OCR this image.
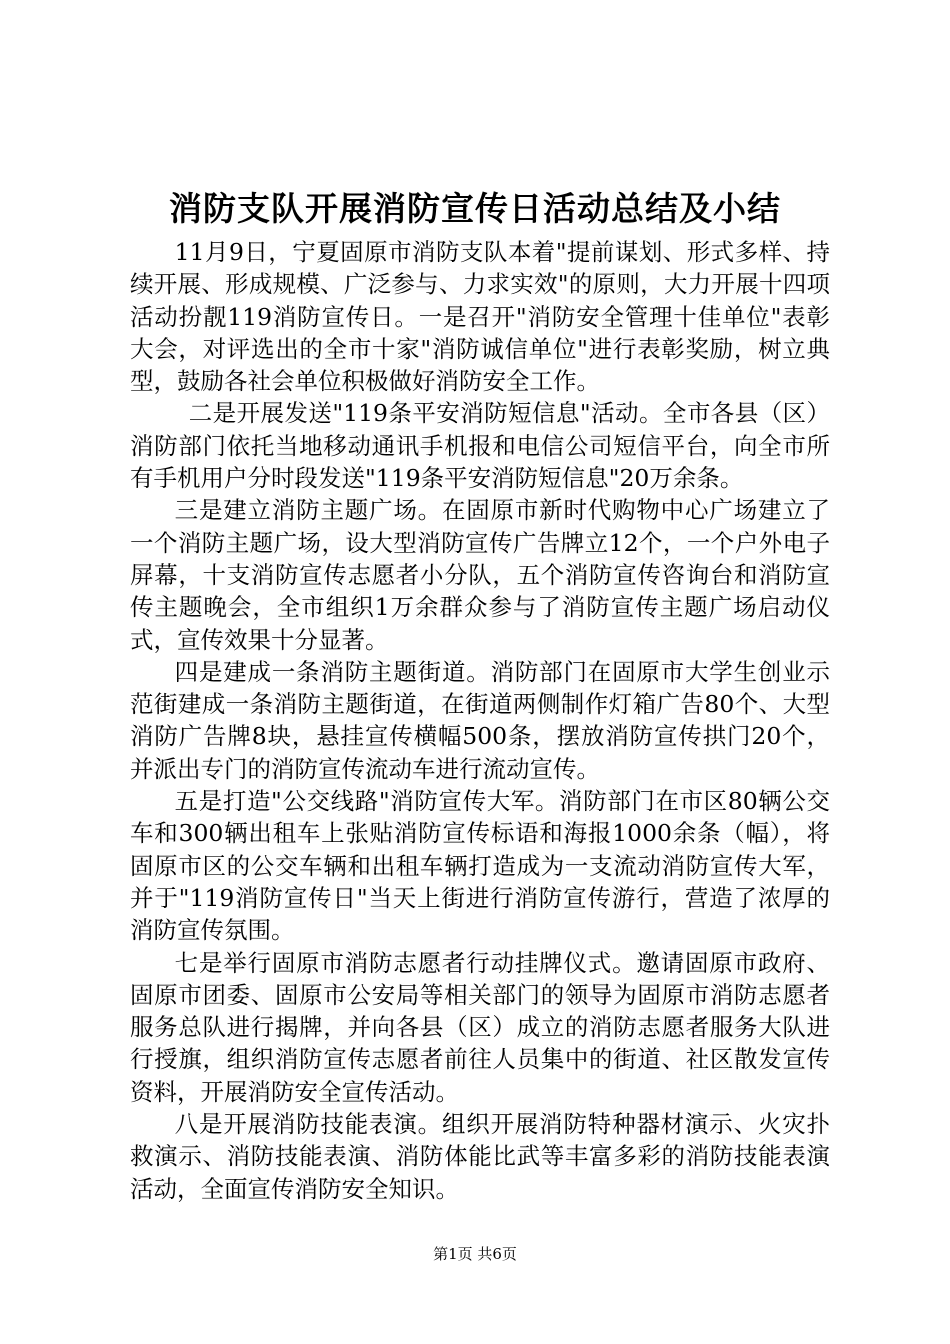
消防支队开展消防宣传日活动总结及小结

11月9日，宁夏固原市消防支队本着"提前谋划、形式多样、持续开展、形成规模、广泛参与、力求实效"的原则，大力开展十四项活动扮靓119消防宣传日。一是召开"消防安全管理十佳单位"表彰大会，对评选出的全市十家"消防诚信单位"进行表彰奖励，树立典型，鼓励各社会单位积极做好消防安全工作。

二是开展发送"119条平安消防短信息"活动。全市各县（区）消防部门依托当地移动通讯手机报和电信公司短信平台，向全市所有手机用户分时段发送"119条平安消防短信息"20万余条。

三是建立消防主题广场。在固原市新时代购物中心广场建立了一个消防主题广场，设大型消防宣传广告牌立12个，一个户外电子屏幕，十支消防宣传志愿者小分队，五个消防宣传咨询台和消防宣传主题晚会，全市组织1万余群众参与了消防宣传主题广场启动仪式，宣传效果十分显著。

四是建成一条消防主题街道。消防部门在固原市大学生创业示范街建成一条消防主题街道，在街道两侧制作灯箱广告80个、大型消防广告牌8块，悬挂宣传横幅500条，摆放消防宣传拱门20个，并派出专门的消防宣传流动车进行流动宣传。

五是打造"公交线路"消防宣传大军。消防部门在市区80辆公交车和300辆出租车上张贴消防宣传标语和海报1000余条（幅），将固原市区的公交车辆和出租车辆打造成为一支流动消防宣传大军，并于"119消防宣传日"当天上街进行消防宣传游行，营造了浓厚的消防宣传氛围。

七是举行固原市消防志愿者行动挂牌仪式。邀请固原市政府、固原市团委、固原市公安局等相关部门的领导为固原市消防志愿者服务总队进行揭牌，并向各县（区）成立的消防志愿者服务大队进行授旗，组织消防宣传志愿者前往人员集中的街道、社区散发宣传资料，开展消防安全宣传活动。

八是开展消防技能表演。组织开展消防特种器材演示、火灾扑救演示、消防技能表演、消防体能比武等丰富多彩的消防技能表演活动，全面宣传消防安全知识。

第1页 共6页
